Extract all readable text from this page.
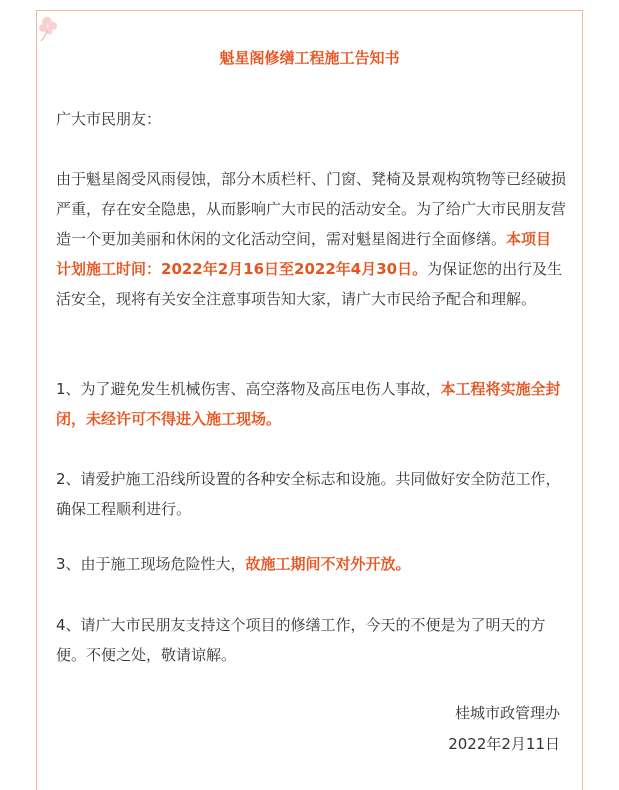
魁星阁修缮工程施工告知书

广大市民朋友：

由于魁星阁受风雨侵蚀，部分木质栏杆、门窗、凳椅及景观构筑物等已经破损严重，存在安全隐患，从而影响广大市民的活动安全。为了给广大市民朋友营造一个更加美丽和休闲的文化活动空间，需对魁星阁进行全面修缮。本项目计划施工时间：2022年2月16日至2022年4月30日。为保证您的出行及生活安全，现将有关安全注意事项告知大家，请广大市民给予配合和理解。

1、为了避免发生机械伤害、高空落物及高压电伤人事故，本工程将实施全封闭，未经许可不得进入施工现场。

2、请爱护施工沿线所设置的各种安全标志和设施。共同做好安全防范工作，确保工程顺利进行。

3、由于施工现场危险性大，故施工期间不对外开放。

4、请广大市民朋友支持这个项目的修缮工作，今天的不便是为了明天的方便。不便之处，敬请谅解。

桂城市政管理办
2022年2月11日
